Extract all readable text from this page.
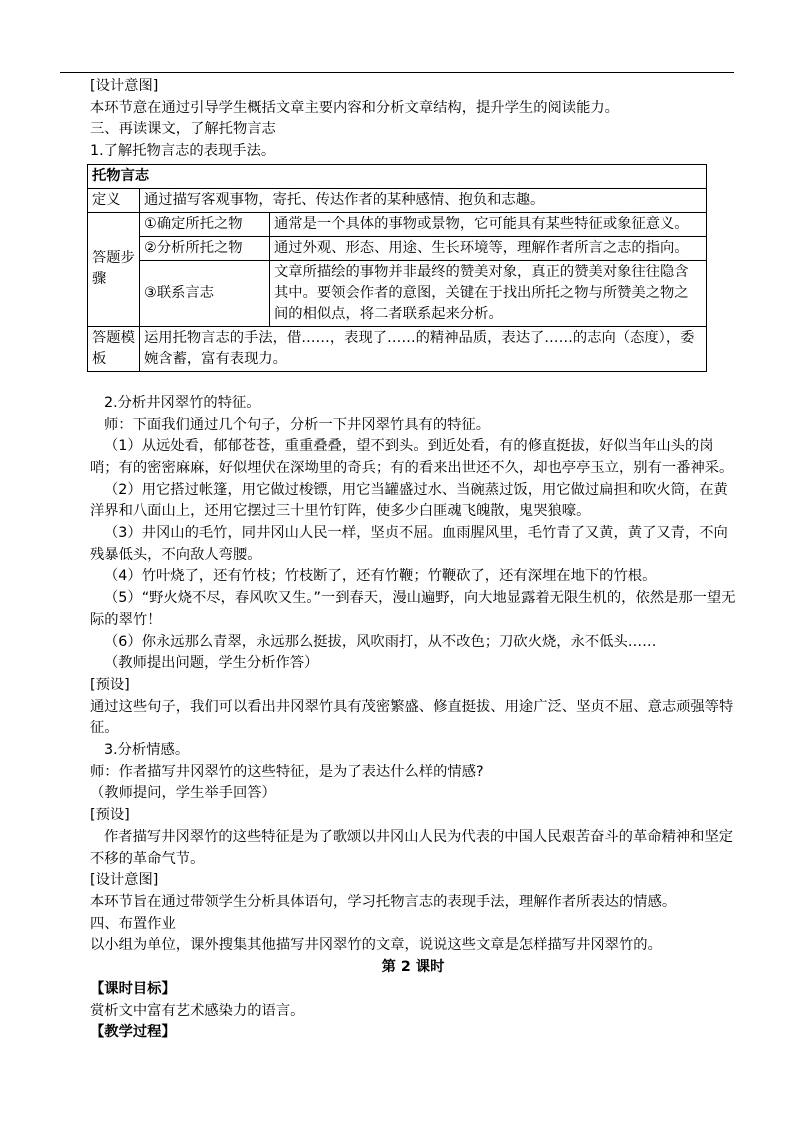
[设计意图]

本环节意在通过引导学生概括文章主要内容和分析文章结构，提升学生的阅读能力。

三、再读课文，了解托物言志

1.了解托物言志的表现手法。

托物言志		
定义	通过描写客观事物，寄托、传达作者的某种感情、抱负和志趣。	
答题步骤	①确定所托之物	通常是一个具体的事物或景物，它可能具有某些特征或象征意义。
	②分析所托之物	通过外观、形态、用途、生长环境等，理解作者所言之志的指向。
	③联系言志	文章所描绘的事物并非最终的赞美对象，真正的赞美对象往往隐含其中。要领会作者的意图，关键在于找出所托之物与所赞美之物之间的相似点，将二者联系起来分析。
答题模板	运用托物言志的手法，借……，表现了……的精神品质，表达了……的志向（态度），委婉含蓄，富有表现力。	

2.分析井冈翠竹的特征。

师：下面我们通过几个句子，分析一下井冈翠竹具有的特征。

（1）从远处看，郁郁苍苍，重重叠叠，望不到头。到近处看，有的修直挺拔，好似当年山头的岗哨；有的密密麻麻，好似埋伏在深坳里的奇兵；有的看来出世还不久，却也亭亭玉立，别有一番神采。

（2）用它搭过帐篷，用它做过梭镖，用它当罐盛过水、当碗蒸过饭，用它做过扁担和吹火筒，在黄洋界和八面山上，还用它摆过三十里竹钉阵，使多少白匪魂飞魄散，鬼哭狼嚎。

（3）井冈山的毛竹，同井冈山人民一样，坚贞不屈。血雨腥风里，毛竹青了又黄，黄了又青，不向残暴低头，不向敌人弯腰。

（4）竹叶烧了，还有竹枝；竹枝断了，还有竹鞭；竹鞭砍了，还有深埋在地下的竹根。

（5）“野火烧不尽，春风吹又生。”一到春天，漫山遍野，向大地显露着无限生机的，依然是那一望无际的翠竹！

（6）你永远那么青翠，永远那么挺拔，风吹雨打，从不改色；刀砍火烧，永不低头……

（教师提出问题，学生分析作答）

[预设]

通过这些句子，我们可以看出井冈翠竹具有茂密繁盛、修直挺拔、用途广泛、坚贞不屈、意志顽强等特征。

3.分析情感。

师：作者描写井冈翠竹的这些特征，是为了表达什么样的情感?

（教师提问，学生举手回答）

[预设]

作者描写井冈翠竹的这些特征是为了歌颂以井冈山人民为代表的中国人民艰苦奋斗的革命精神和坚定不移的革命气节。

[设计意图]

本环节旨在通过带领学生分析具体语句，学习托物言志的表现手法，理解作者所表达的情感。

四、布置作业

以小组为单位，课外搜集其他描写井冈翠竹的文章，说说这些文章是怎样描写井冈翠竹的。

第 2 课时

【课时目标】

赏析文中富有艺术感染力的语言。

【教学过程】
